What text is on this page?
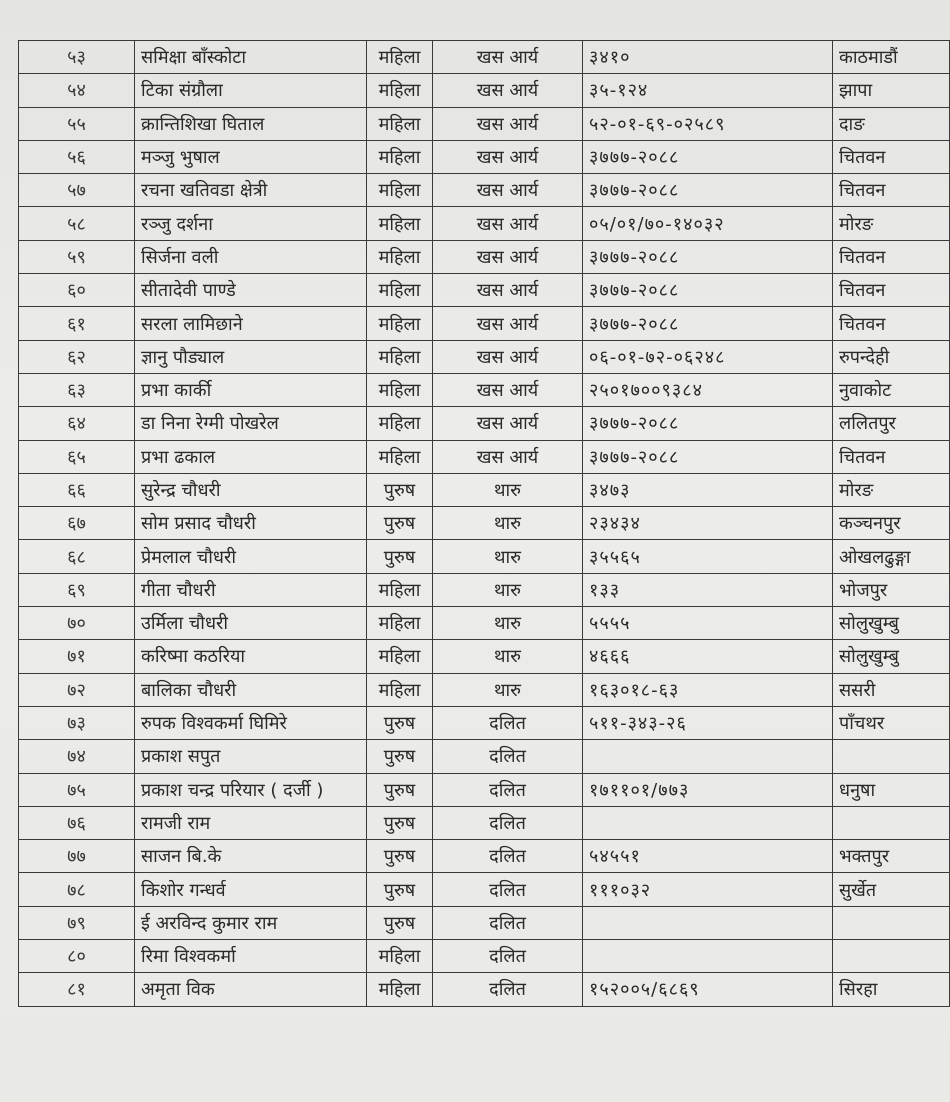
५३	समिक्षा बाँस्कोटा	महिला	खस आर्य	३४१०	काठमाडौं
५४	टिका संग्रौला	महिला	खस आर्य	३५-१२४	झापा
५५	क्रान्तिशिखा घिताल	महिला	खस आर्य	५२-०१-६९-०२५८९	दाङ
५६	मञ्जु भुषाल	महिला	खस आर्य	३७७७-२०८८	चितवन
५७	रचना खतिवडा क्षेत्री	महिला	खस आर्य	३७७७-२०८८	चितवन
५८	रञ्जु दर्शना	महिला	खस आर्य	०५/०१/७०-१४०३२	मोरङ
५९	सिर्जना वली	महिला	खस आर्य	३७७७-२०८८	चितवन
६०	सीतादेवी पाण्डे	महिला	खस आर्य	३७७७-२०८८	चितवन
६१	सरला लामिछाने	महिला	खस आर्य	३७७७-२०८८	चितवन
६२	ज्ञानु पौड्याल	महिला	खस आर्य	०६-०१-७२-०६२४८	रुपन्देही
६३	प्रभा कार्की	महिला	खस आर्य	२५०१७००९३८४	नुवाकोट
६४	डा निना रेग्मी पोखरेल	महिला	खस आर्य	३७७७-२०८८	ललितपुर
६५	प्रभा ढकाल	महिला	खस आर्य	३७७७-२०८८	चितवन
६६	सुरेन्द्र चौधरी	पुरुष	थारु	३४७३	मोरङ
६७	सोम प्रसाद चौधरी	पुरुष	थारु	२३४३४	कञ्चनपुर
६८	प्रेमलाल चौधरी	पुरुष	थारु	३५५६५	ओखलढुङ्गा
६९	गीता चौधरी	महिला	थारु	१३३	भोजपुर
७०	उर्मिला चौधरी	महिला	थारु	५५५५	सोलुखुम्बु
७१	करिष्मा कठरिया	महिला	थारु	४६६६	सोलुखुम्बु
७२	बालिका चौधरी	महिला	थारु	१६३०१८-६३	ससरी
७३	रुपक विश्वकर्मा घिमिरे	पुरुष	दलित	५११-३४३-२६	पाँचथर
७४	प्रकाश सपुत	पुरुष	दलित		
७५	प्रकाश चन्द्र परियार ( दर्जी )	पुरुष	दलित	१७११०१/७७३	धनुषा
७६	रामजी राम	पुरुष	दलित		
७७	साजन बि.के	पुरुष	दलित	५४५५१	भक्तपुर
७८	किशोर गन्धर्व	पुरुष	दलित	१११०३२	सुर्खेत
७९	ई अरविन्द कुमार राम	पुरुष	दलित		
८०	रिमा विश्वकर्मा	महिला	दलित		
८१	अमृता विक	महिला	दलित	१५२००५/६८६९	सिरहा
